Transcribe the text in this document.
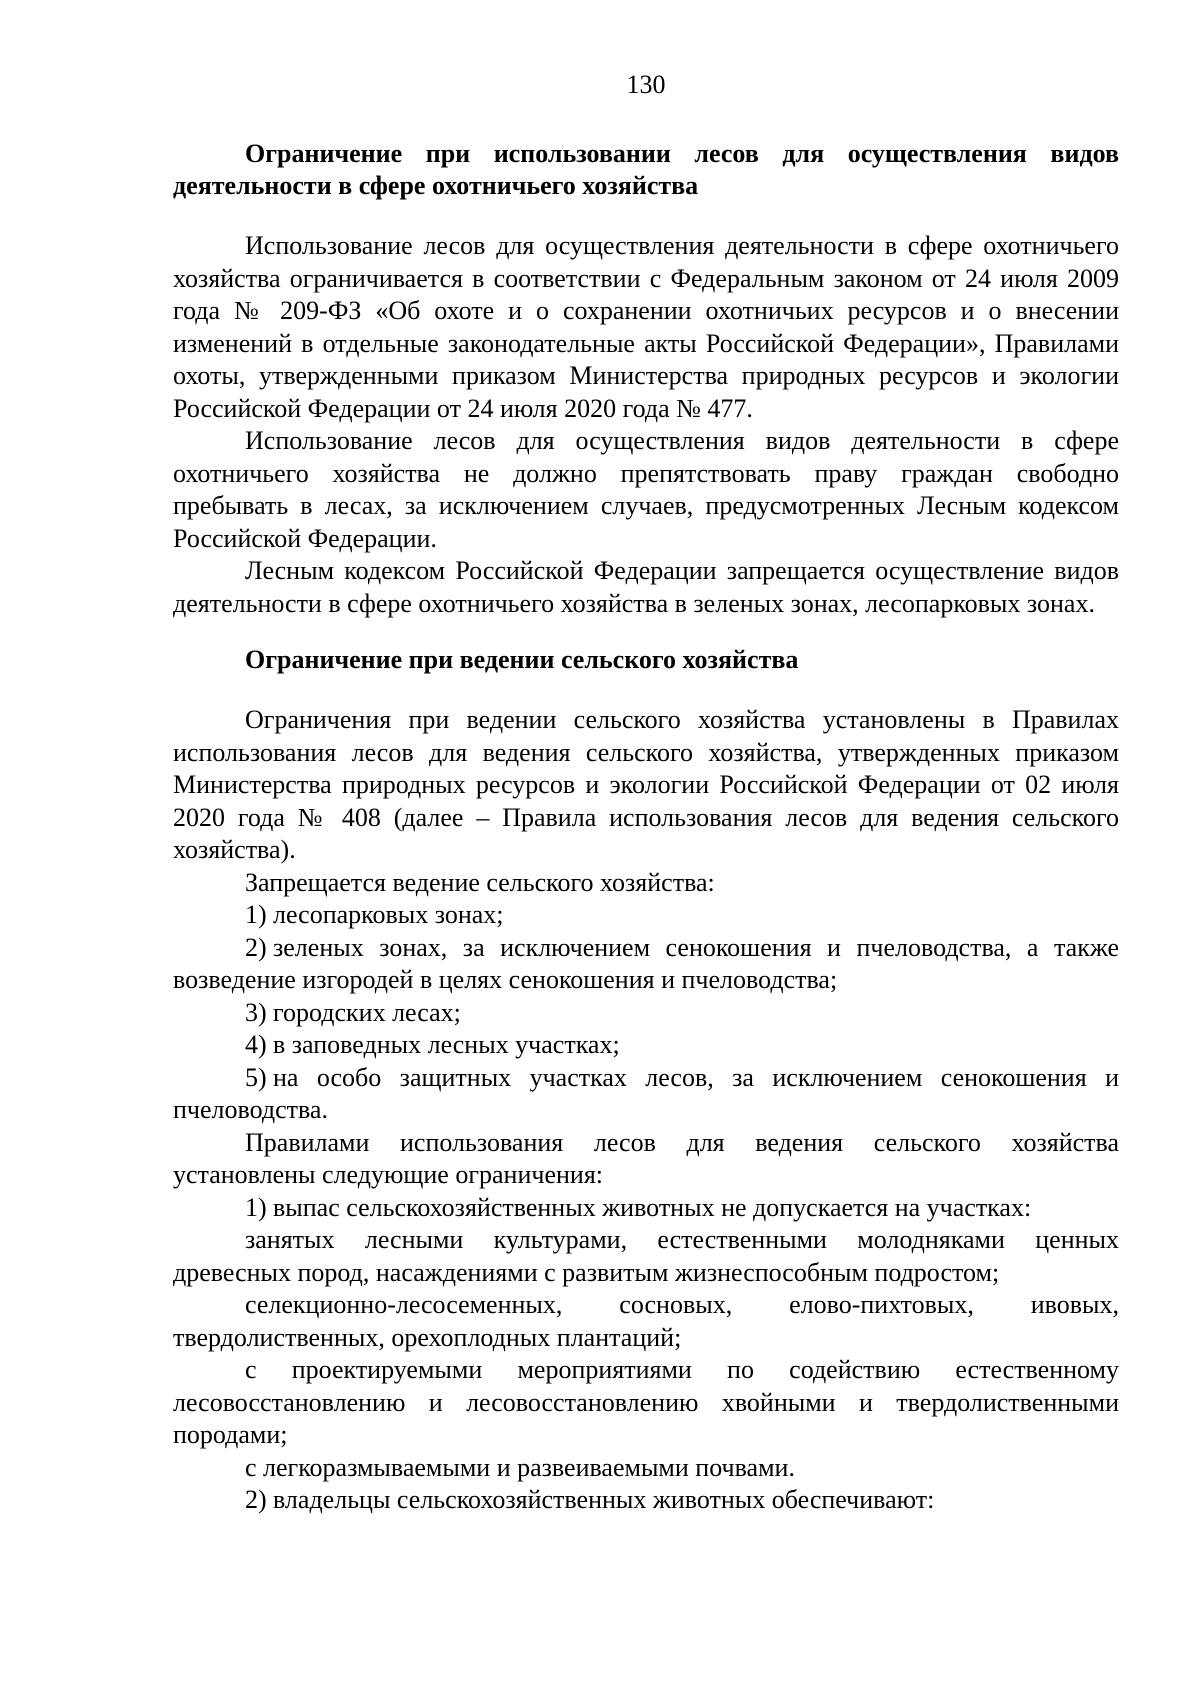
130

Ограничение при использовании лесов для осуществления видов деятельности в сфере охотничьего хозяйства

Использование лесов для осуществления деятельности в сфере охотничьего хозяйства ограничивается в соответствии с Федеральным законом от 24 июля 2009 года № 209-ФЗ «Об охоте и о сохранении охотничьих ресурсов и о внесении изменений в отдельные законодательные акты Российской Федерации», Правилами охоты, утвержденными приказом Министерства природных ресурсов и экологии Российской Федерации от 24 июля 2020 года № 477.

Использование лесов для осуществления видов деятельности в сфере охотничьего хозяйства не должно препятствовать праву граждан свободно пребывать в лесах, за исключением случаев, предусмотренных Лесным кодексом Российской Федерации.

Лесным кодексом Российской Федерации запрещается осуществление видов деятельности в сфере охотничьего хозяйства в зеленых зонах, лесопарковых зонах.

Ограничение при ведении сельского хозяйства

Ограничения при ведении сельского хозяйства установлены в Правилах использования лесов для ведения сельского хозяйства, утвержденных приказом Министерства природных ресурсов и экологии Российской Федерации от 02 июля 2020 года № 408 (далее – Правила использования лесов для ведения сельского хозяйства).

Запрещается ведение сельского хозяйства:

1) лесопарковых зонах;

2) зеленых зонах, за исключением сенокошения и пчеловодства, а также возведение изгородей в целях сенокошения и пчеловодства;

3) городских лесах;

4) в заповедных лесных участках;

5) на особо защитных участках лесов, за исключением сенокошения и пчеловодства.

Правилами использования лесов для ведения сельского хозяйства установлены следующие ограничения:

1) выпас сельскохозяйственных животных не допускается на участках:

занятых лесными культурами, естественными молодняками ценных древесных пород, насаждениями с развитым жизнеспособным подростом;

селекционно-лесосеменных, сосновых, елово-пихтовых, ивовых, твердолиственных, орехоплодных плантаций;

с проектируемыми мероприятиями по содействию естественному лесовосстановлению и лесовосстановлению хвойными и твердолиственными породами;

с легкоразмываемыми и развеиваемыми почвами.

2) владельцы сельскохозяйственных животных обеспечивают:
